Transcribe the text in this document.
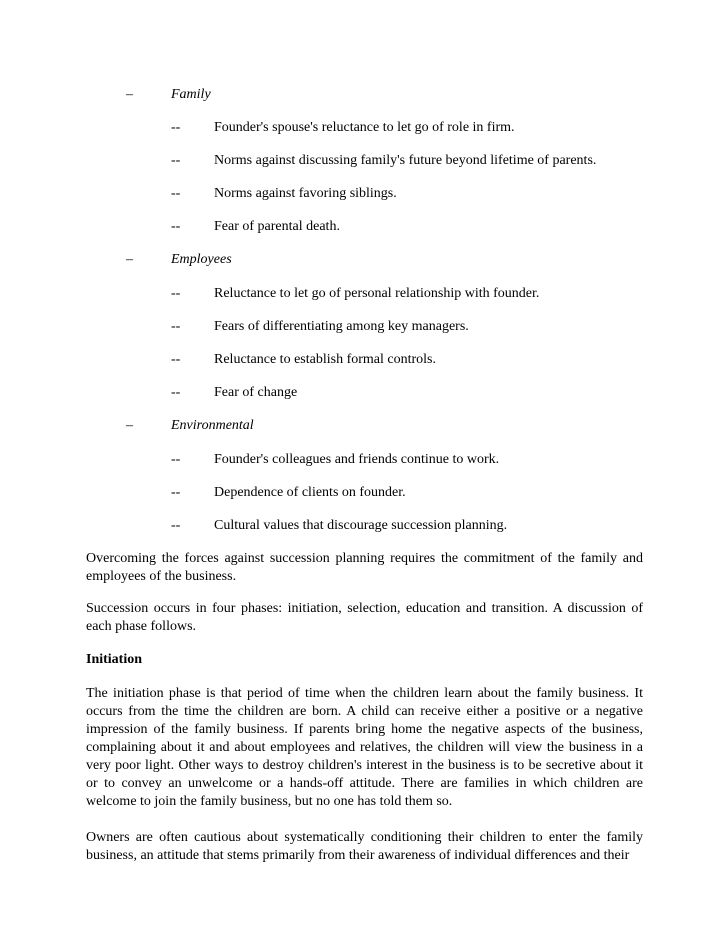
–	Family
-- Founder's spouse's reluctance to let go of role in firm.
-- Norms against discussing family's future beyond lifetime of parents.
-- Norms against favoring siblings.
-- Fear of parental death.
–	Employees
-- Reluctance to let go of personal relationship with founder.
-- Fears of differentiating among key managers.
-- Reluctance to establish formal controls.
-- Fear of change
–	Environmental
-- Founder's colleagues and friends continue to work.
-- Dependence of clients on founder.
-- Cultural values that discourage succession planning.

Overcoming the forces against succession planning requires the commitment of the family and employees of the business.

Succession occurs in four phases: initiation, selection, education and transition. A discussion of each phase follows.

Initiation

The initiation phase is that period of time when the children learn about the family business. It occurs from the time the children are born. A child can receive either a positive or a negative impression of the family business. If parents bring home the negative aspects of the business, complaining about it and about employees and relatives, the children will view the business in a very poor light. Other ways to destroy children's interest in the business is to be secretive about it or to convey an unwelcome or a hands-off attitude. There are families in which children are welcome to join the family business, but no one has told them so.

Owners are often cautious about systematically conditioning their children to enter the family business, an attitude that stems primarily from their awareness of individual differences and their
